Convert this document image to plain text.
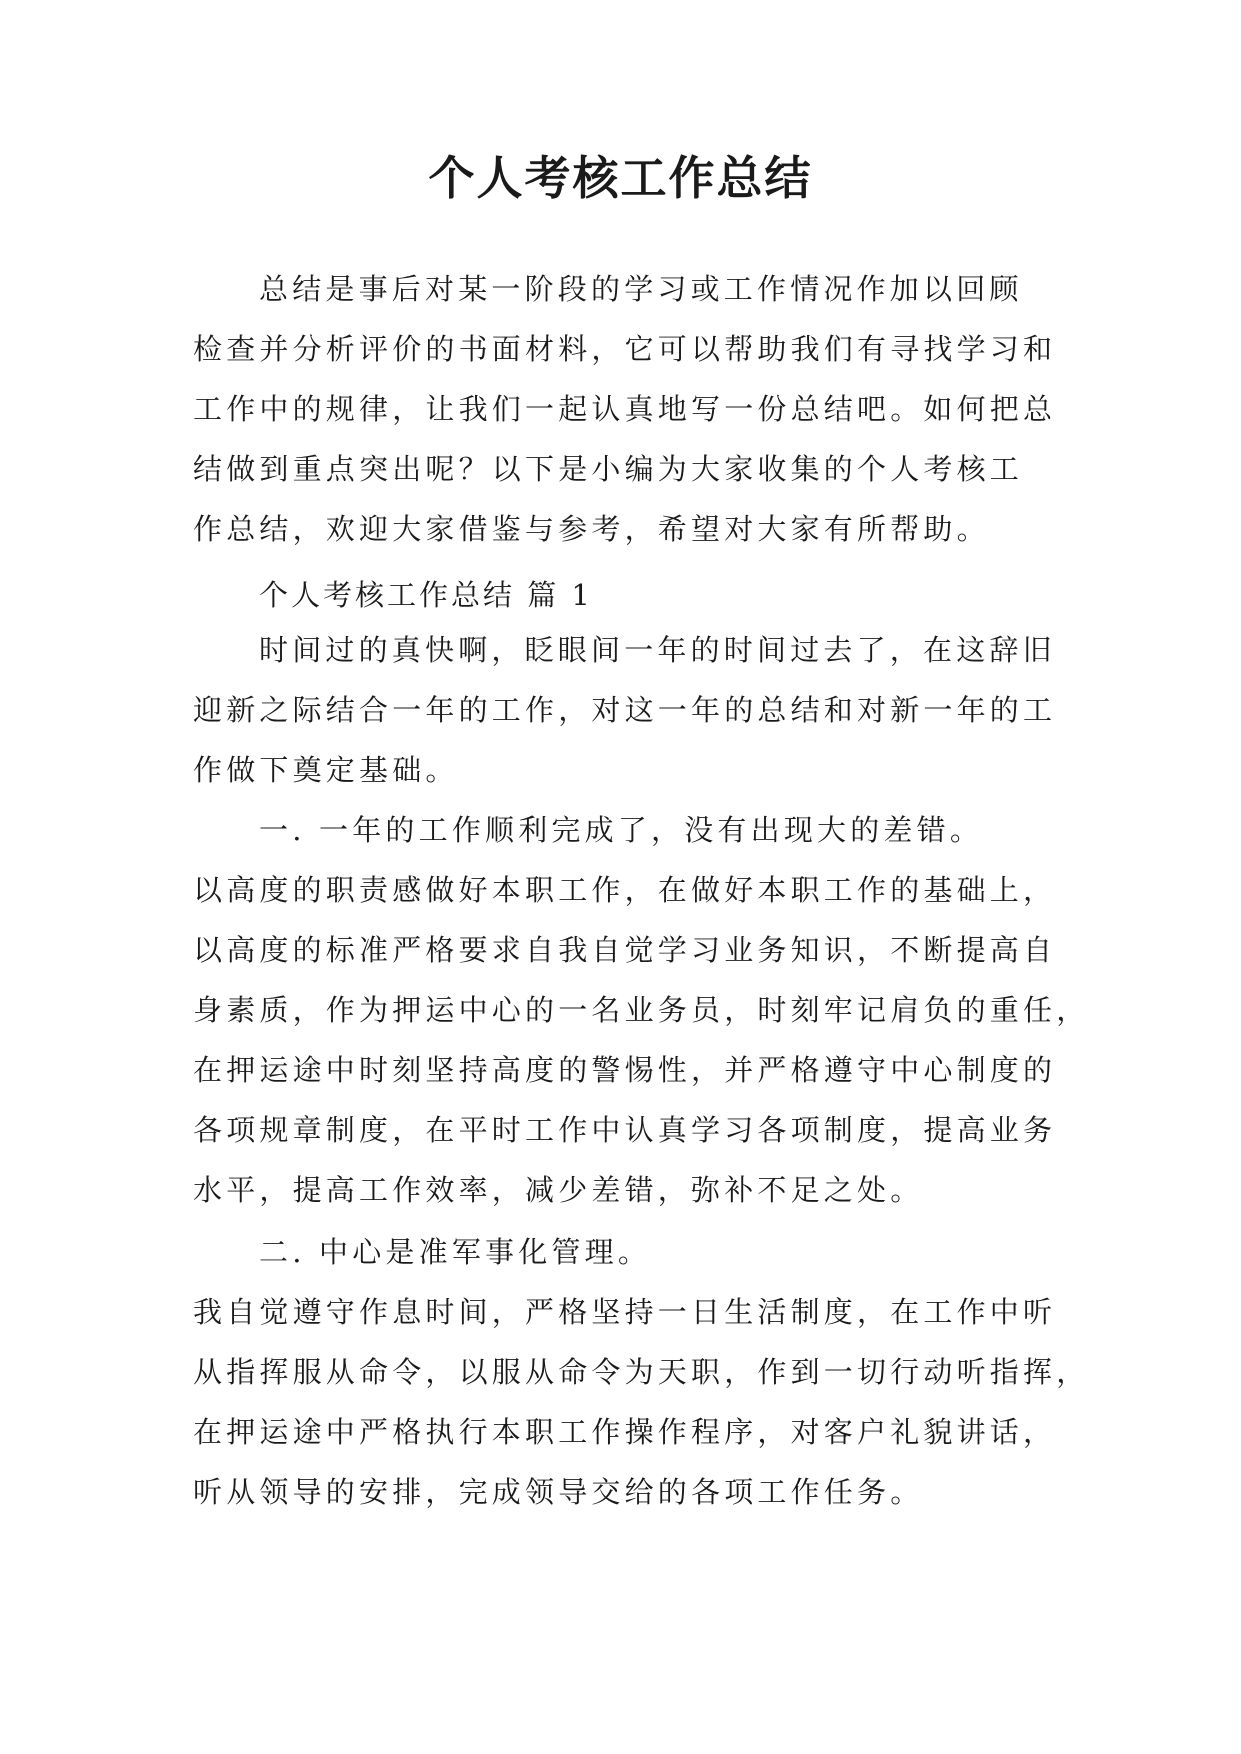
个人考核工作总结
总结是事后对某一阶段的学习或工作情况作加以回顾
检查并分析评价的书面材料，它可以帮助我们有寻找学习和
工作中的规律，让我们一起认真地写一份总结吧。如何把总
结做到重点突出呢？以下是小编为大家收集的个人考核工
作总结，欢迎大家借鉴与参考，希望对大家有所帮助。
个人考核工作总结 篇 1
时间过的真快啊，眨眼间一年的时间过去了，在这辞旧
迎新之际结合一年的工作，对这一年的总结和对新一年的工
作做下奠定基础。
一. 一年的工作顺利完成了，没有出现大的差错。
以高度的职责感做好本职工作，在做好本职工作的基础上，
以高度的标准严格要求自我自觉学习业务知识，不断提高自
身素质，作为押运中心的一名业务员，时刻牢记肩负的重任，
在押运途中时刻坚持高度的警惕性，并严格遵守中心制度的
各项规章制度，在平时工作中认真学习各项制度，提高业务
水平，提高工作效率，减少差错，弥补不足之处。
二. 中心是准军事化管理。
我自觉遵守作息时间，严格坚持一日生活制度，在工作中听
从指挥服从命令，以服从命令为天职，作到一切行动听指挥，
在押运途中严格执行本职工作操作程序，对客户礼貌讲话，
听从领导的安排，完成领导交给的各项工作任务。
